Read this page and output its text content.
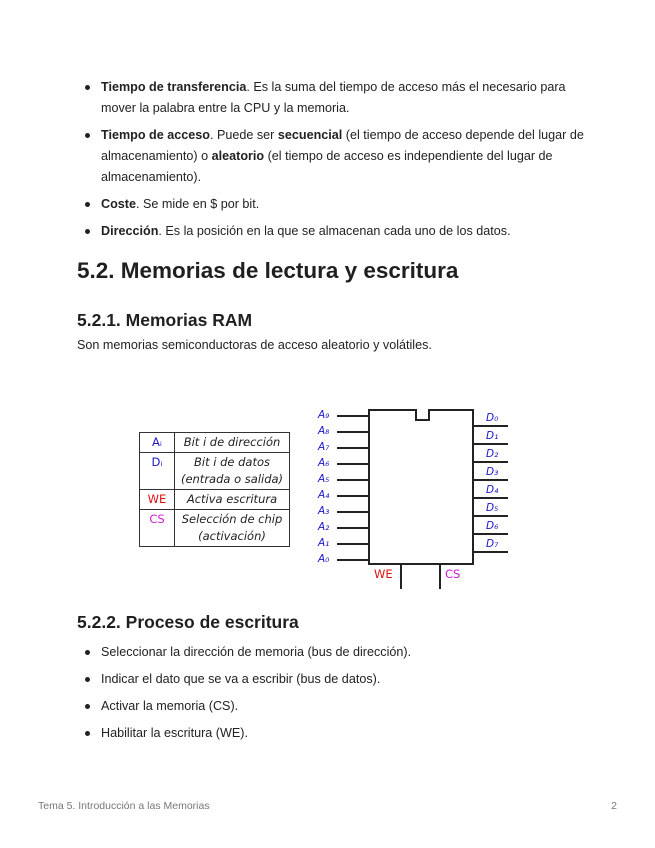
Tiempo de transferencia. Es la suma del tiempo de acceso más el necesario para mover la palabra entre la CPU y la memoria.
Tiempo de acceso. Puede ser secuencial (el tiempo de acceso depende del lugar de almacenamiento) o aleatorio (el tiempo de acceso es independiente del lugar de almacenamiento).
Coste. Se mide en $ por bit.
Dirección. Es la posición en la que se almacenan cada uno de los datos.
5.2. Memorias de lectura y escritura
5.2.1. Memorias RAM
Son memorias semiconductoras de acceso aleatorio y volátiles.
Aᵢ	Bit i de dirección
Dᵢ	Bit i de datos (entrada o salida)
WE	Activa escritura
CS	Selección de chip (activación)
A₉
A₈
A₇
A₆
A₅
A₄
A₃
A₂
A₁
A₀
D₀
D₁
D₂
D₃
D₄
D₅
D₆
D₇
WE	CS
5.2.2. Proceso de escritura
Seleccionar la dirección de memoria (bus de dirección).
Indicar el dato que se va a escribir (bus de datos).
Activar la memoria (CS).
Habilitar la escritura (WE).
Tema 5. Introducción a las Memorias	2
